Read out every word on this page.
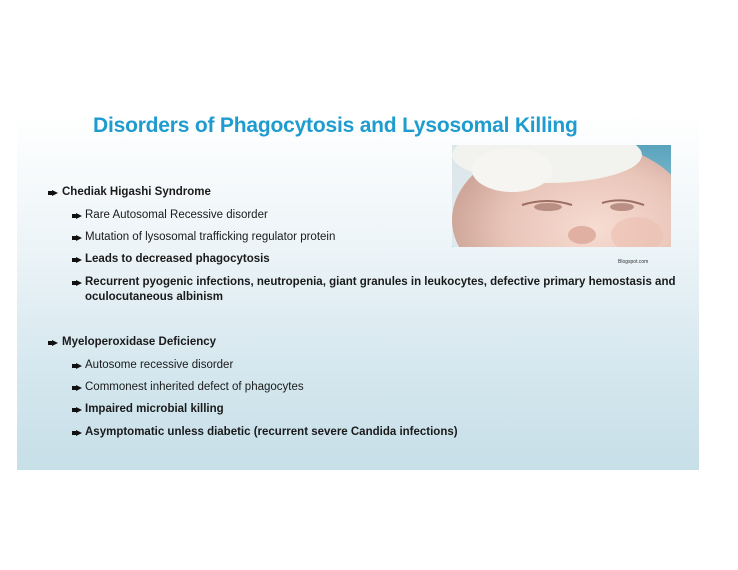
Disorders of Phagocytosis and Lysosomal Killing
Blogspot.com
Chediak Higashi Syndrome
Rare Autosomal Recessive disorder
Mutation of lysosomal trafficking regulator protein
Leads to decreased phagocytosis
Recurrent pyogenic infections, neutropenia, giant granules in leukocytes, defective primary hemostasis and
oculocutaneous albinism
Myeloperoxidase Deficiency
Autosome recessive disorder
Commonest inherited defect of phagocytes
Impaired microbial killing
Asymptomatic unless diabetic (recurrent severe Candida infections)
